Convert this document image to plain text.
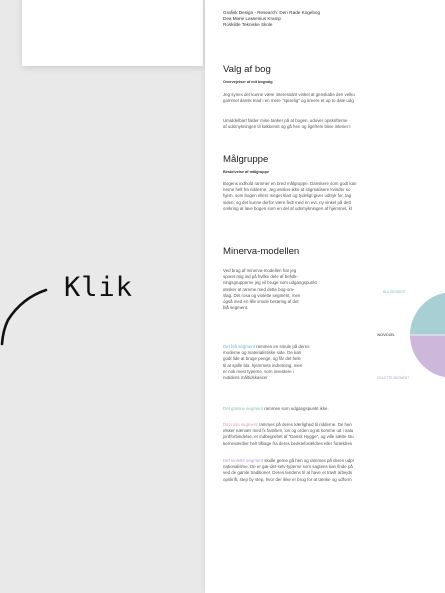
Grafisk Design - Research: Den Røde Kogebog
Dea Marie Lassenius Kramp
Roskilde Tekniske Skole
Valg af bog
Overvejelser af mit bogvalg
Jeg synes det kunne være interessant vinkel at genskabe den velko
gammel dansk mad i en mere "spiselig" og kreere et up to date udg
Umiddelbart falder mine tanker på at bogen, udover opskrifterne
af udsmykningen til køkkenet og gå hen og ligefrem blive interier t
Målgruppe
Beskrivelse af målgruppe
Bogens indhold rammer en bred målgruppe. Danskere som godt kan
nerne helt fra ridderne. Jeg ønsker ikke at stigmatisere kvinder so
hjem, som bogen ellers meget klart og tydeligt giver udtryk for, tag
siden, og det kunne derfor være fedt med en evt. ny vinkel på dett
omkring at lave bogen som en del af udsmykningen af hjemmet, kl
Minerva-modellen
Ved brug af minerva-modellen har jeg
sporet mig ind på hvilke dele af befolk-
ningsgrupperne jeg vil bruge som udgangspunkt
ønsker at ramme med dette bog-om-
slag. Det rosa og violette segment, men
også med en lille smule berøring af det
blå segment.
Det blå segment rammes en smule på deres
moderne og materialistiske side. De kan
godt lide at bruge penge, og får det hele
til at spille bla. hjemmets indretning, men
er nok mest typerne, som investere i
nutidens måltidskasser
Det grønne segment rammes som udgangspunkt ikke.
Det rosa segment rammes på deres kærlighed til ridderne. De hen
elsker nærvær med fx familien, lov og orden og at komme ud i natu
jordforbindelse, er indbegrebet af "Dansk Hygge", og ville sætte stu
kerneværdier helt tilbage fra deres bedsteforældres eller forældres
Det violette segment skulle gerne gå hen og rammes på deres udpr
nationalisme. De er gør-det-selv-typerne som sagtens kan finde på
ved de gamle traditioner. Deres tendens til at have et travlt arbejds
opskrift, step by step, hvor der ikke er brug for at tænke og udform
BLÅ SEGMENT
INDIVIDUEL
VIOLETTE SEGMENT
Klik
